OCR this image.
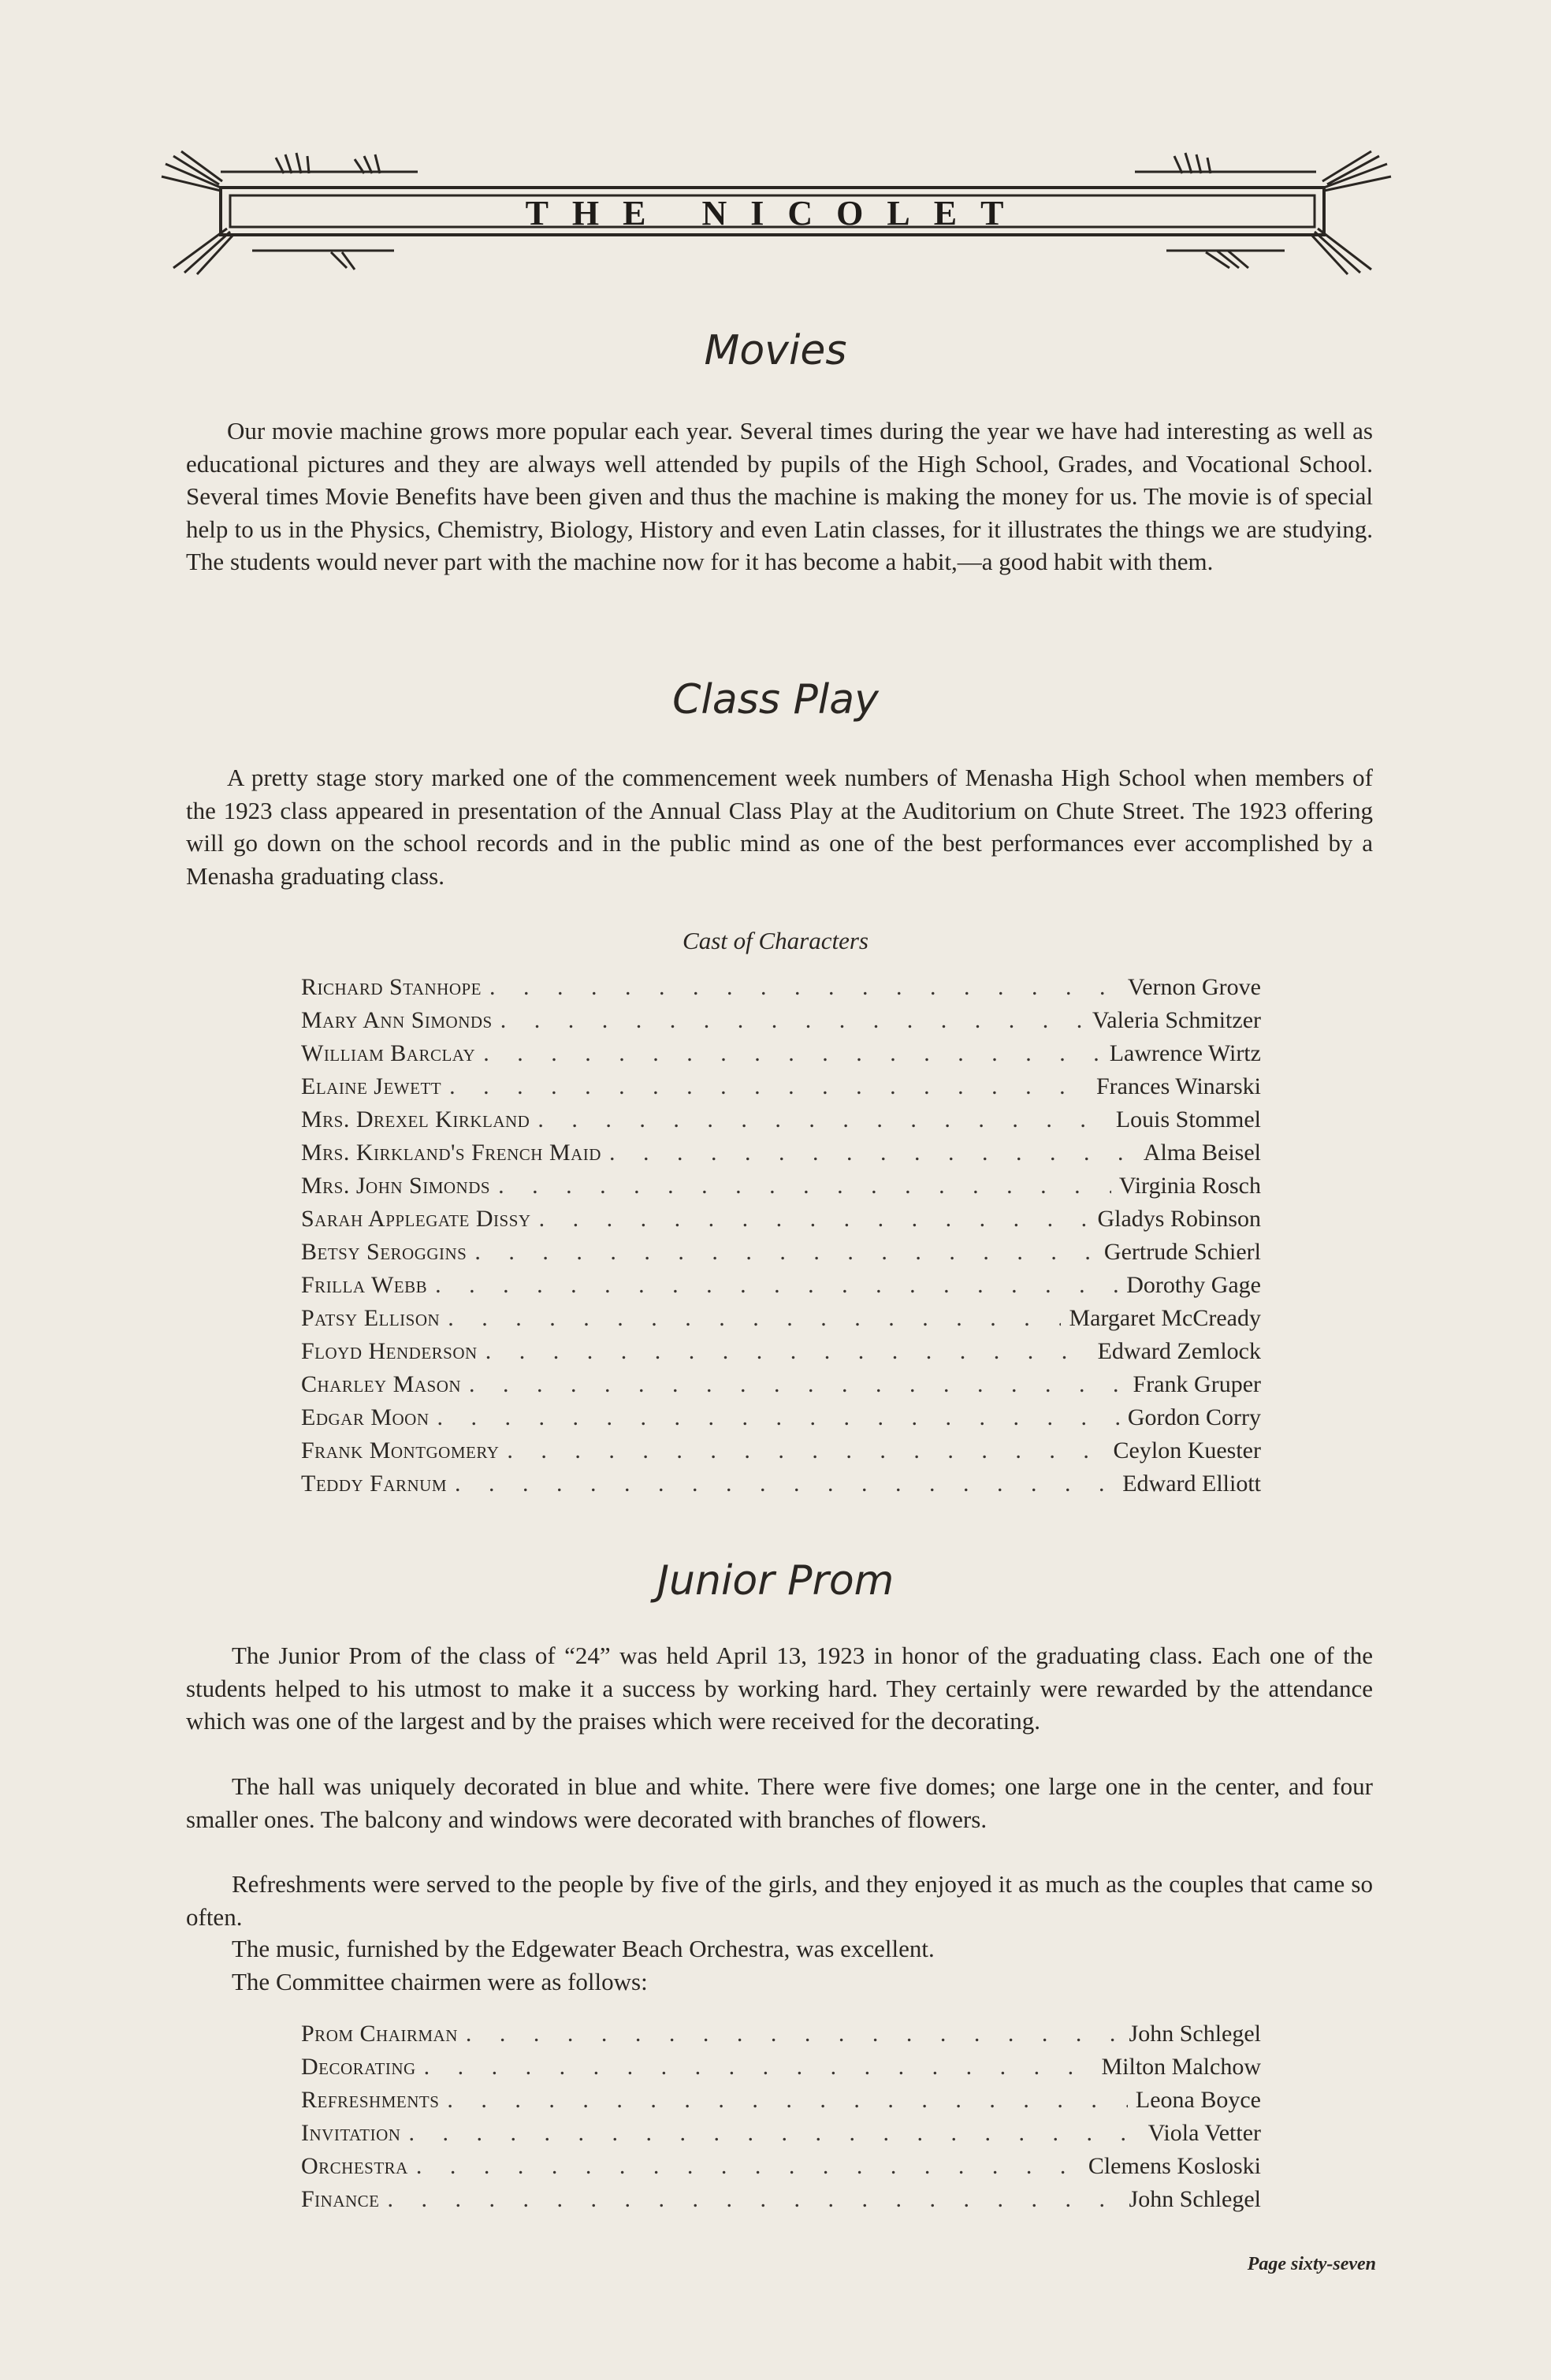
THE NICOLET
Movies

Our movie machine grows more popular each year. Several times during the year we have had interesting as well as educational pictures and they are always well attended by pupils of the High School, Grades, and Vocational School. Several times Movie Benefits have been given and thus the machine is making the money for us. The movie is of special help to us in the Physics, Chemistry, Biology, History and even Latin classes, for it illustrates the things we are studying. The students would never part with the machine now for it has become a habit,—a good habit with them.

Class Play

A pretty stage story marked one of the commencement week numbers of Menasha High School when members of the 1923 class appeared in presentation of the Annual Class Play at the Auditorium on Chute Street. The 1923 offering will go down on the school records and in the public mind as one of the best performances ever accomplished by a Menasha graduating class.

Cast of Characters
Richard Stanhope . . .	Vernon Grove
Mary Ann Simonds . . .	Valeria Schmitzer
William Barclay . . .	Lawrence Wirtz
Elaine Jewett . . .	Frances Winarski
Mrs. Drexel Kirkland . . .	Louis Stommel
Mrs. Kirkland's French Maid . . .	Alma Beisel
Mrs. John Simonds . . .	Virginia Rosch
Sarah Applegate Dissy . . .	Gladys Robinson
Betsy Seroggins . . .	Gertrude Schierl
Frilla Webb . . .	Dorothy Gage
Patsy Ellison . . .	Margaret McCready
Floyd Henderson . . .	Edward Zemlock
Charley Mason . . .	Frank Gruper
Edgar Moon . . .	Gordon Corry
Frank Montgomery . . .	Ceylon Kuester
Teddy Farnum . . .	Edward Elliott
Junior Prom

The Junior Prom of the class of “24” was held April 13, 1923 in honor of the graduating class. Each one of the students helped to his utmost to make it a success by working hard. They certainly were rewarded by the attendance which was one of the largest and by the praises which were received for the decorating.

The hall was uniquely decorated in blue and white. There were five domes; one large one in the center, and four smaller ones. The balcony and windows were decorated with branches of flowers.

Refreshments were served to the people by five of the girls, and they enjoyed it as much as the couples that came so often.

The music, furnished by the Edgewater Beach Orchestra, was excellent.

The Committee chairmen were as follows:

Prom Chairman . . .	John Schlegel
Decorating . . .	Milton Malchow
Refreshments . . .	Leona Boyce
Invitation . . .	Viola Vetter
Orchestra . . .	Clemens Kosloski
Finance . . .	John Schlegel
Page sixty-seven
